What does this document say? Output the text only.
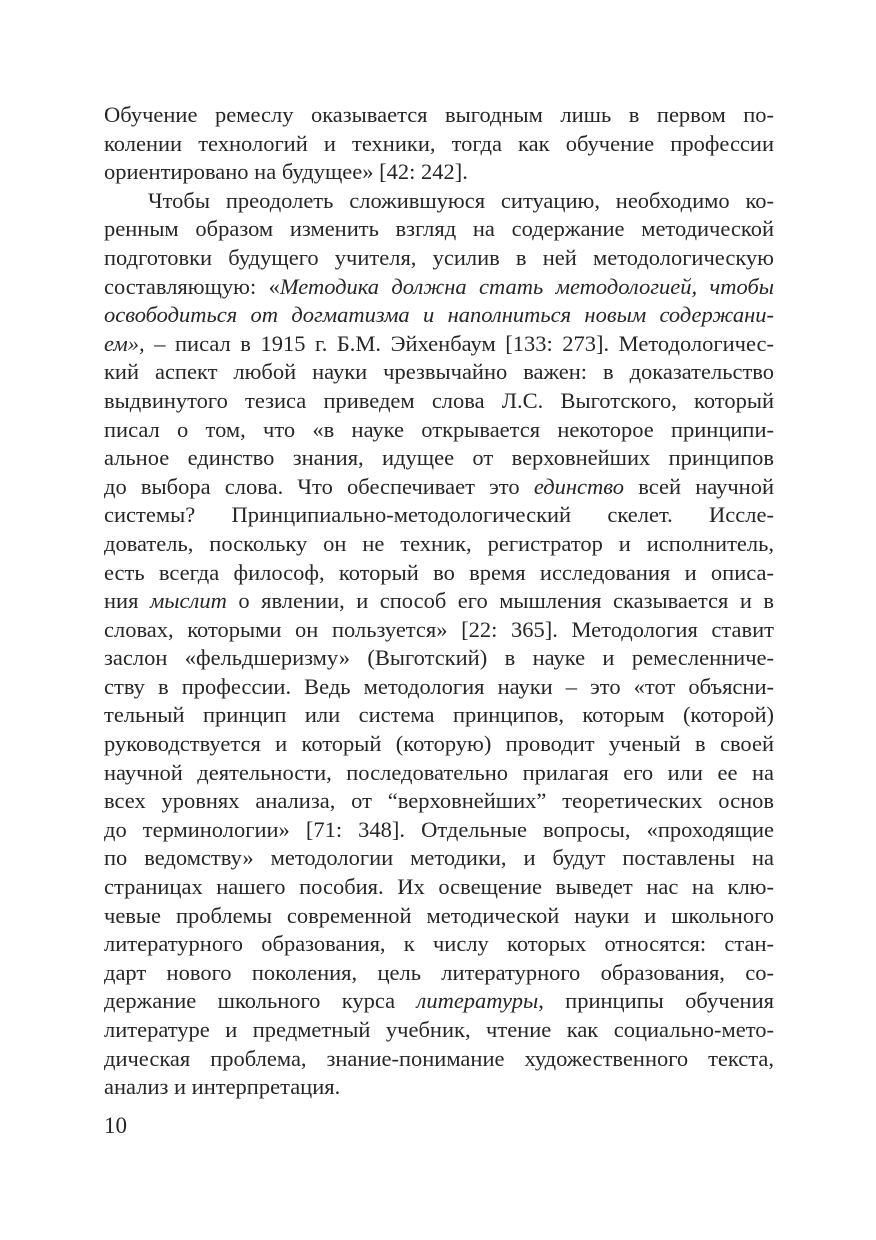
Обучение ремеслу оказывается выгодным лишь в первом по-
колении технологий и техники, тогда как обучение профессии
ориентировано на будущее» [42: 242].
Чтобы преодолеть сложившуюся ситуацию, необходимо ко-
ренным образом изменить взгляд на содержание методической
подготовки будущего учителя, усилив в ней методологическую
составляющую: «Методика должна стать методологией, чтобы
освободиться от догматизма и наполниться новым содержани-
ем», – писал в 1915 г. Б.М. Эйхенбаум [133: 273]. Методологичес-
кий аспект любой науки чрезвычайно важен: в доказательство
выдвинутого тезиса приведем слова Л.С. Выготского, который
писал о том, что «в науке открывается некоторое принципи-
альное единство знания, идущее от верховнейших принципов
до выбора слова. Что обеспечивает это единство всей научной
системы? Принципиально-методологический скелет. Иссле-
дователь, поскольку он не техник, регистратор и исполнитель,
есть всегда философ, который во время исследования и описа-
ния мыслит о явлении, и способ его мышления сказывается и в
словах, которыми он пользуется» [22: 365]. Методология ставит
заслон «фельдшеризму» (Выготский) в науке и ремесленниче-
ству в профессии. Ведь методология науки – это «тот объясни-
тельный принцип или система принципов, которым (которой)
руководствуется и который (которую) проводит ученый в своей
научной деятельности, последовательно прилагая его или ее на
всех уровнях анализа, от “верховнейших” теоретических основ
до терминологии» [71: 348]. Отдельные вопросы, «проходящие
по ведомству» методологии методики, и будут поставлены на
страницах нашего пособия. Их освещение выведет нас на клю-
чевые проблемы современной методической науки и школьного
литературного образования, к числу которых относятся: стан-
дарт нового поколения, цель литературного образования, со-
держание школьного курса литературы, принципы обучения
литературе и предметный учебник, чтение как социально-мето-
дическая проблема, знание-понимание художественного текста,
анализ и интерпретация.
10
